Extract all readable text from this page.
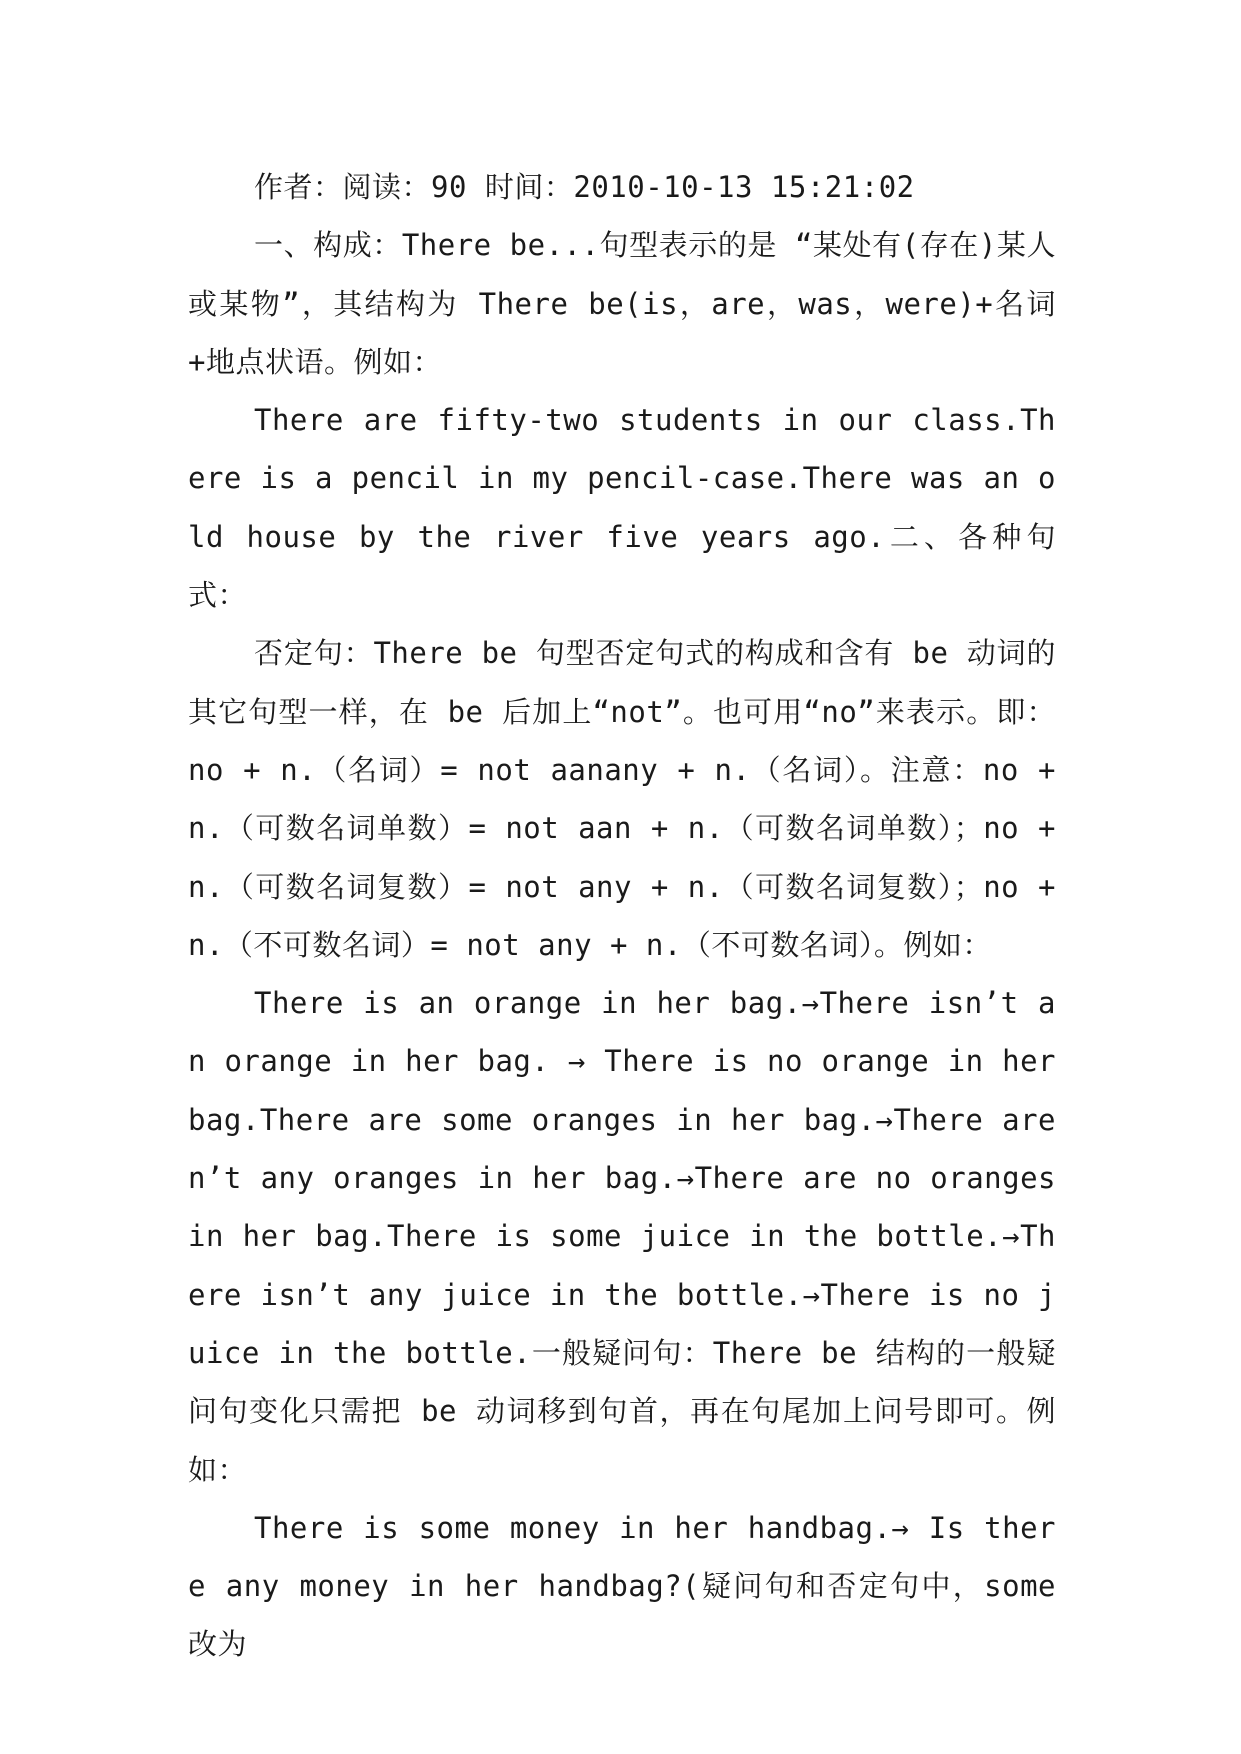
作者：阅读：90 时间：2010-10-13 15:21:02

一、构成：There be...句型表示的是 “某处有(存在)某人或某物”，其结构为 There be(is，are，was，were)+名词+地点状语。例如：

There are fifty-two students in our class.There is a pencil in my pencil-case.There was an old house by the river five years ago.二、各种句式：

否定句：There be 句型否定句式的构成和含有 be 动词的其它句型一样，在 be 后加上“not”。也可用“no”来表示。即：no + n.（名词）= not aanany + n.（名词）。注意：no + n.（可数名词单数）= not aan + n.（可数名词单数）；no + n.（可数名词复数）= not any + n.（可数名词复数）；no + n.（不可数名词）= not any + n.（不可数名词）。例如：

There is an orange in her bag.→There isn’t an orange in her bag. → There is no orange in her bag.There are some oranges in her bag.→There aren’t any oranges in her bag.→There are no oranges in her bag.There is some juice in the bottle.→There isn’t any juice in the bottle.→There is no juice in the bottle.一般疑问句：There be 结构的一般疑问句变化只需把 be 动词移到句首，再在句尾加上问号即可。例如：

There is some money in her handbag.→ Is there any money in her handbag?(疑问句和否定句中，some 改为
